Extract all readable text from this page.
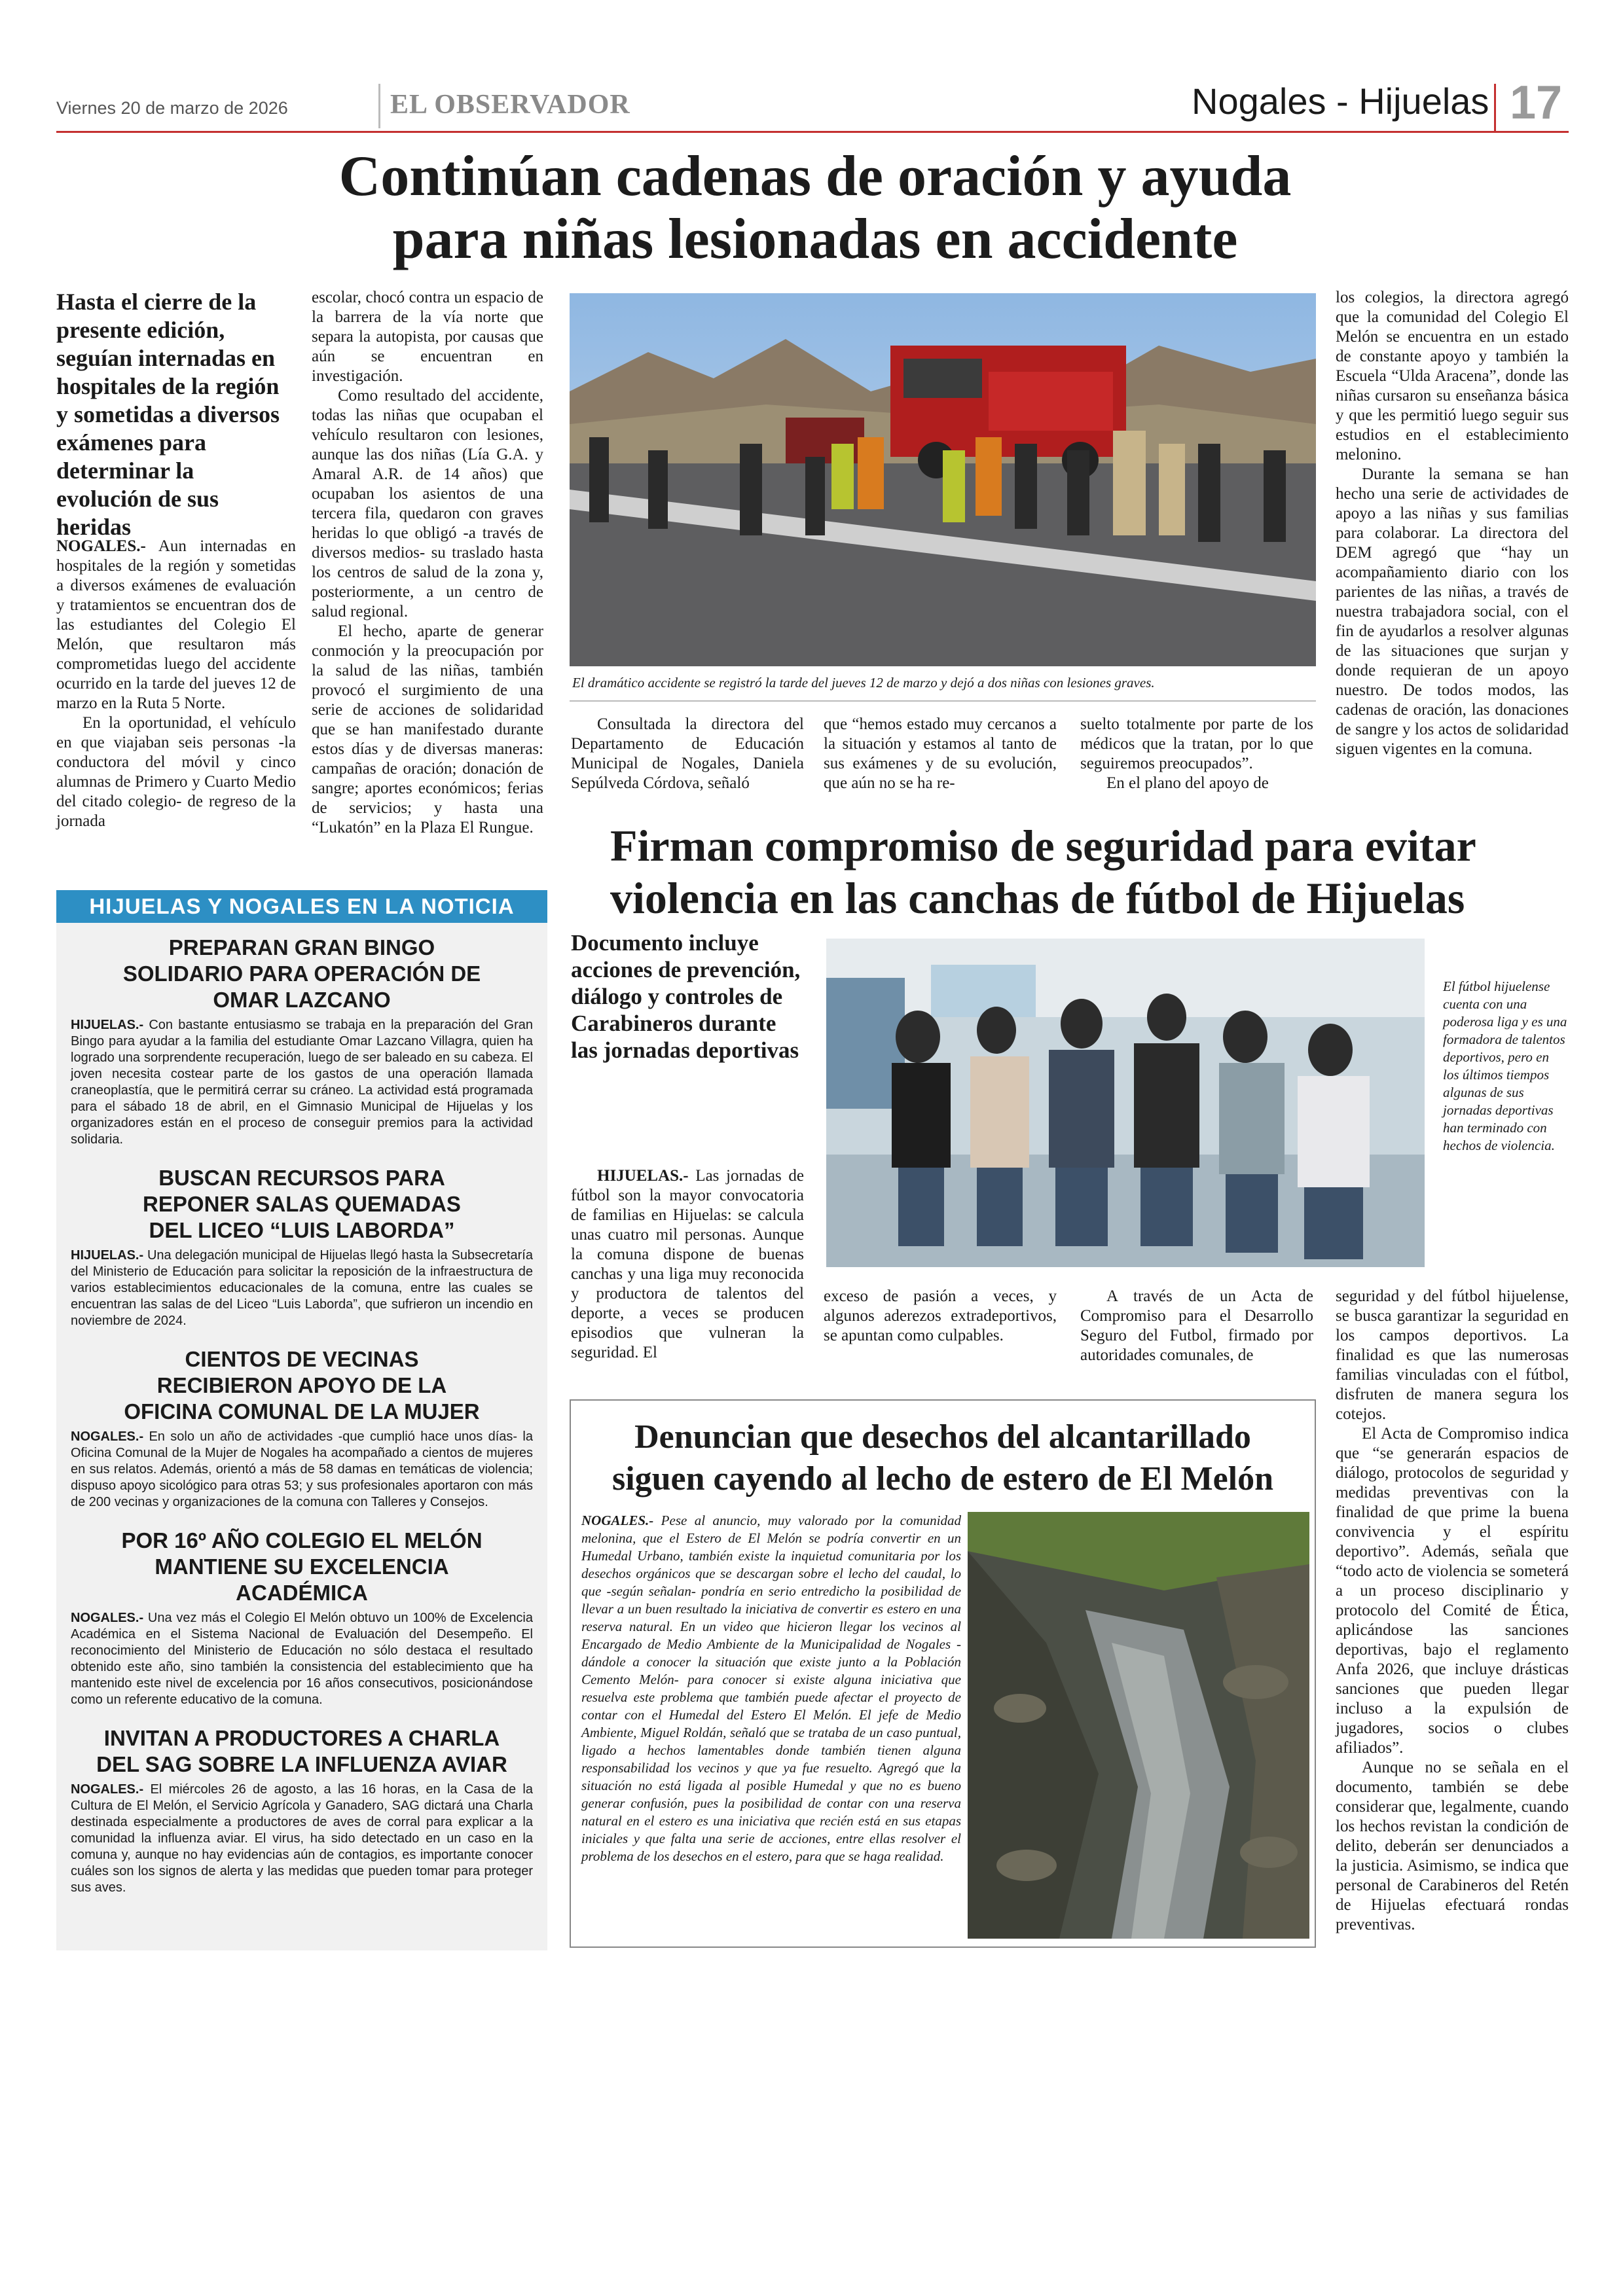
Viernes 20 de marzo de 2026	EL OBSERVADOR	Nogales - Hijuelas 17
Continúan cadenas de oración y ayuda
para niñas lesionadas en accidente
Hasta el cierre de la presente edición, seguían internadas en hospitales de la región y sometidas a diversos exámenes para determinar la evolución de sus heridas

NOGALES.- Aun internadas en hospitales de la región y sometidas a diversos exámenes de evaluación y tratamientos se encuentran dos de las estudiantes del Colegio El Melón, que resultaron más comprometidas luego del accidente ocurrido en la tarde del jueves 12 de marzo en la Ruta 5 Norte.

En la oportunidad, el vehículo en que viajaban seis personas -la conductora del móvil y cinco alumnas de Primero y Cuarto Medio del citado colegio- de regreso de la jornada

escolar, chocó contra un espacio de la barrera de la vía norte que separa la autopista, por causas que aún se encuentran en investigación.

Como resultado del accidente, todas las niñas que ocupaban el vehículo resultaron con lesiones, aunque las dos niñas (Lía G.A. y Amaral A.R. de 14 años) que ocupaban los asientos de una tercera fila, quedaron con graves heridas lo que obligó -a través de diversos medios- su traslado hasta los centros de salud de la zona y, posteriormente, a un centro de salud regional.

El hecho, aparte de generar conmoción y la preocupación por la salud de las niñas, también provocó el surgimiento de una serie de acciones de solidaridad que se han manifestado durante estos días y de diversas maneras: campañas de oración; donación de sangre; aportes económicos; ferias de servicios; y hasta una “Lukatón” en la Plaza El Rungue.

El dramático accidente se registró la tarde del jueves 12 de marzo y dejó a dos niñas con lesiones graves.

Consultada la directora del Departamento de Educación Municipal de Nogales, Daniela Sepúlveda Córdova, señaló

que “hemos estado muy cercanos a la situación y estamos al tanto de sus exámenes y de su evolución, que aún no se ha re-

suelto totalmente por parte de los médicos que la tratan, por lo que seguiremos preocupados”.

En el plano del apoyo de

los colegios, la directora agregó que la comunidad del Colegio El Melón se encuentra en un estado de constante apoyo y también la Escuela “Ulda Aracena”, donde las niñas cursaron su enseñanza básica y que les permitió luego seguir sus estudios en el establecimiento melonino.

Durante la semana se han hecho una serie de actividades de apoyo a las niñas y sus familias para colaborar. La directora del DEM agregó que “hay un acompañamiento diario con los parientes de las niñas, a través de nuestra trabajadora social, con el fin de ayudarlos a resolver algunas de las situaciones que surjan y donde requieran de un apoyo nuestro. De todos modos, las cadenas de oración, las donaciones de sangre y los actos de solidaridad siguen vigentes en la comuna.

HIJUELAS Y NOGALES EN LA NOTICIA
PREPARAN GRAN BINGO SOLIDARIO PARA OPERACIÓN DE OMAR LAZCANO
HIJUELAS.- Con bastante entusiasmo se trabaja en la preparación del Gran Bingo para ayudar a la familia del estudiante Omar Lazcano Villagra, quien ha logrado una sorprendente recuperación, luego de ser baleado en su cabeza. El joven necesita costear parte de los gastos de una operación llamada craneoplastía, que le permitirá cerrar su cráneo. La actividad está programada para el sábado 18 de abril, en el Gimnasio Municipal de Hijuelas y los organizadores están en el proceso de conseguir premios para la actividad solidaria.
BUSCAN RECURSOS PARA REPONER SALAS QUEMADAS DEL LICEO “LUIS LABORDA”
HIJUELAS.- Una delegación municipal de Hijuelas llegó hasta la Subsecretaría del Ministerio de Educación para solicitar la reposición de la infraestructura de varios establecimientos educacionales de la comuna, entre las cuales se encuentran las salas de del Liceo “Luis Laborda”, que sufrieron un incendio en noviembre de 2024.
CIENTOS DE VECINAS RECIBIERON APOYO DE LA OFICINA COMUNAL DE LA MUJER
NOGALES.- En solo un año de actividades -que cumplió hace unos días- la Oficina Comunal de la Mujer de Nogales ha acompañado a cientos de mujeres en sus relatos. Además, orientó a más de 58 damas en temáticas de violencia; dispuso apoyo sicológico para otras 53; y sus profesionales aportaron con más de 200 vecinas y organizaciones de la comuna con Talleres y Consejos.
POR 16º AÑO COLEGIO EL MELÓN MANTIENE SU EXCELENCIA ACADÉMICA
NOGALES.- Una vez más el Colegio El Melón obtuvo un 100% de Excelencia Académica en el Sistema Nacional de Evaluación del Desempeño. El reconocimiento del Ministerio de Educación no sólo destaca el resultado obtenido este año, sino también la consistencia del establecimiento que ha mantenido este nivel de excelencia por 16 años consecutivos, posicionándose como un referente educativo de la comuna.
INVITAN A PRODUCTORES A CHARLA DEL SAG SOBRE LA INFLUENZA AVIAR
NOGALES.- El miércoles 26 de agosto, a las 16 horas, en la Casa de la Cultura de El Melón, el Servicio Agrícola y Ganadero, SAG dictará una Charla destinada especialmente a productores de aves de corral para explicar a la comunidad la influenza aviar. El virus, ha sido detectado en un caso en la comuna y, aunque no hay evidencias aún de contagios, es importante conocer cuáles son los signos de alerta y las medidas que pueden tomar para proteger sus aves.
Firman compromiso de seguridad para evitar
violencia en las canchas de fútbol de Hijuelas
Documento incluye acciones de prevención, diálogo y controles de Carabineros durante las jornadas deportivas

HIJUELAS.- Las jornadas de fútbol son la mayor convocatoria de familias en Hijuelas: se calcula unas cuatro mil personas. Aunque la comuna dispone de buenas canchas y una liga muy reconocida y productora de talentos del deporte, a veces se producen episodios que vulneran la seguridad. El

El fútbol hijuelense cuenta con una poderosa liga y es una formadora de talentos deportivos, pero en los últimos tiempos algunas de sus jornadas deportivas han terminado con hechos de violencia.

exceso de pasión a veces, y algunos aderezos extradeportivos, se apuntan como culpables.

A través de un Acta de Compromiso para el Desarrollo Seguro del Futbol, firmado por autoridades comunales, de

seguridad y del fútbol hijuelense, se busca garantizar la seguridad en los campos deportivos. La finalidad es que las numerosas familias vinculadas con el fútbol, disfruten de manera segura los cotejos.

El Acta de Compromiso indica que “se generarán espacios de diálogo, protocolos de seguridad y medidas preventivas con la finalidad de que prime la buena convivencia y el espíritu deportivo”. Además, señala que “todo acto de violencia se someterá a un proceso disciplinario y protocolo del Comité de Ética, aplicándose las sanciones deportivas, bajo el reglamento Anfa 2026, que incluye drásticas sanciones que pueden llegar incluso a la expulsión de jugadores, socios o clubes afiliados”.

Aunque no se señala en el documento, también se debe considerar que, legalmente, cuando los hechos revistan la condición de delito, deberán ser denunciados a la justicia. Asimismo, se indica que personal de Carabineros del Retén de Hijuelas efectuará rondas preventivas.

Denuncian que desechos del alcantarillado
siguen cayendo al lecho de estero de El Melón
NOGALES.- Pese al anuncio, muy valorado por la comunidad melonina, que el Estero de El Melón se podría convertir en un Humedal Urbano, también existe la inquietud comunitaria por los desechos orgánicos que se descargan sobre el lecho del caudal, lo que -según señalan- pondría en serio entredicho la posibilidad de llevar a un buen resultado la iniciativa de convertir es estero en una reserva natural. En un video que hicieron llegar los vecinos al Encargado de Medio Ambiente de la Municipalidad de Nogales -dándole a conocer la situación que existe junto a la Población Cemento Melón- para conocer si existe alguna iniciativa que resuelva este problema que también puede afectar el proyecto de contar con el Humedal del Estero El Melón. El jefe de Medio Ambiente, Miguel Roldán, señaló que se trataba de un caso puntual, ligado a hechos lamentables donde también tienen alguna responsabilidad los vecinos y que ya fue resuelto. Agregó que la situación no está ligada al posible Humedal y que no es bueno generar confusión, pues la posibilidad de contar con una reserva natural en el estero es una iniciativa que recién está en sus etapas iniciales y que falta una serie de acciones, entre ellas resolver el problema de los desechos en el estero, para que se haga realidad.
